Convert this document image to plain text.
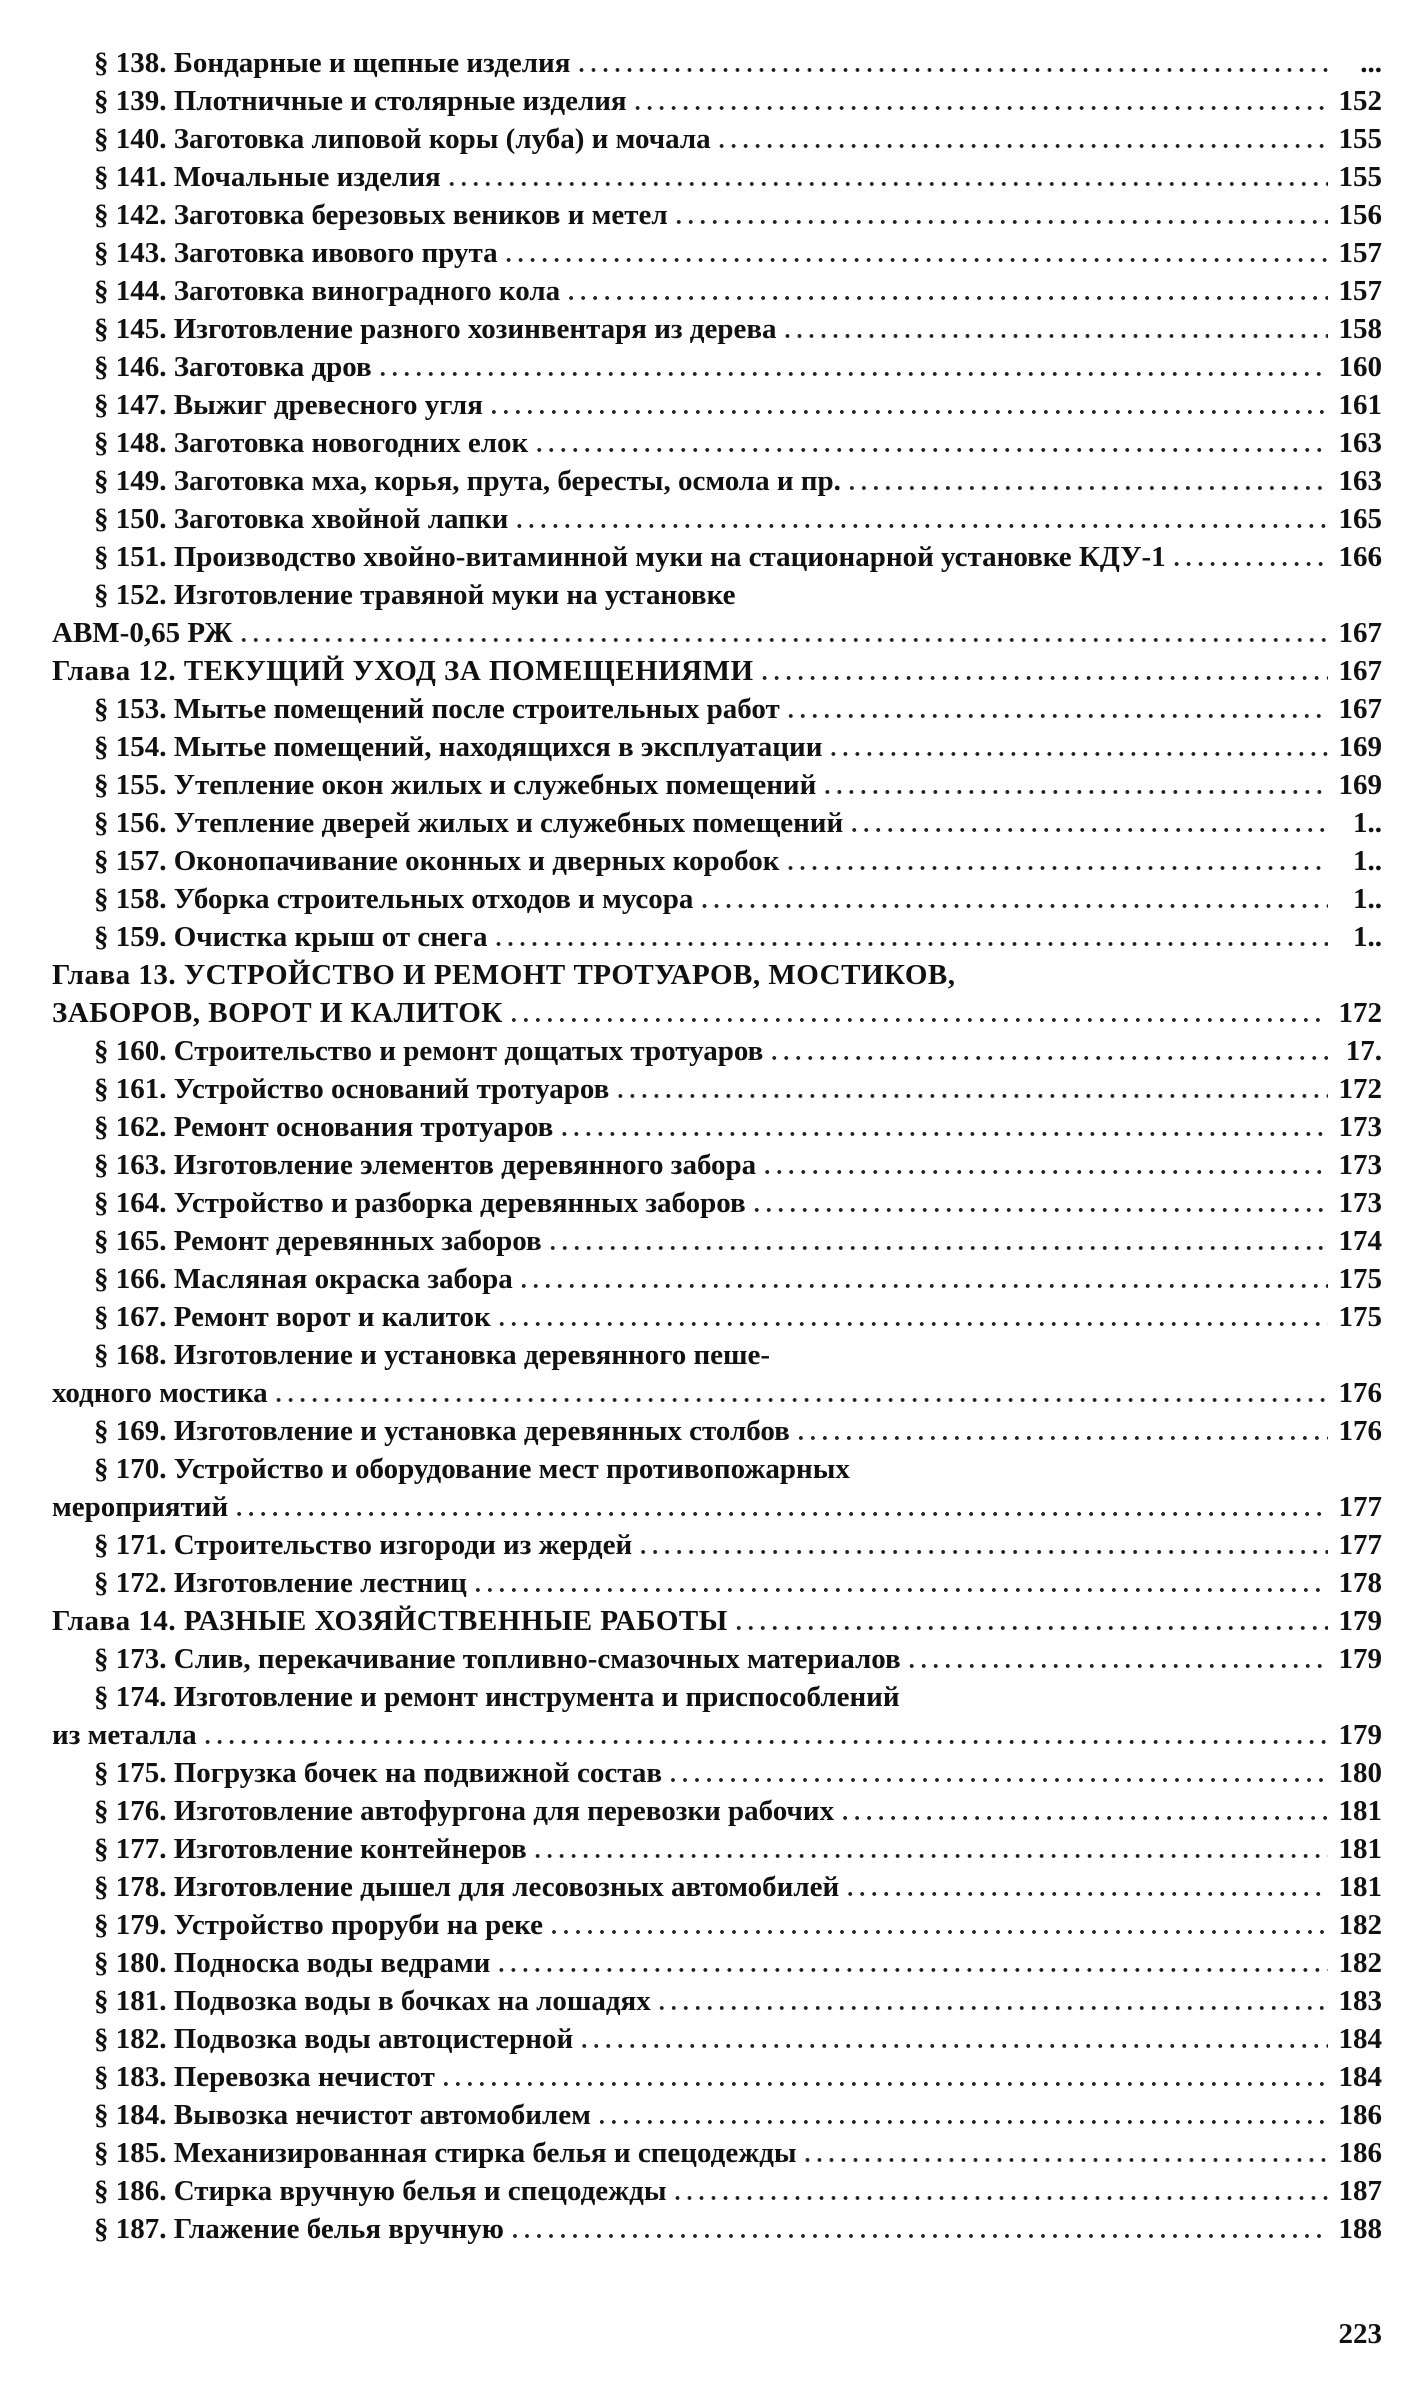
§ 138. Бондарные и щепные изделия .....	...
§ 139. Плотничные и столярные изделия .....	152
§ 140. Заготовка липовой коры (луба) и мочала .....	155
§ 141. Мочальные изделия .....	155
§ 142. Заготовка березовых веников и метел .....	156
§ 143. Заготовка ивового прута .....	157
§ 144. Заготовка виноградного кола .....	157
§ 145. Изготовление разного хозинвентаря из дерева .....	158
§ 146. Заготовка дров .....	160
§ 147. Выжиг древесного угля .....	161
§ 148. Заготовка новогодних елок .....	163
§ 149. Заготовка мха, корья, прута, бересты, осмола и пр. .....	163
§ 150. Заготовка хвойной лапки .....	165
§ 151. Производство хвойно-витаминной муки на стационарной установке КДУ-1 .....	166
§ 152. Изготовление травяной муки на установке
АВМ-0,65 РЖ .....	167
Глава 12. ТЕКУЩИЙ УХОД ЗА ПОМЕЩЕНИЯМИ .....	167
§ 153. Мытье помещений после строительных работ .....	167
§ 154. Мытье помещений, находящихся в эксплуатации .....	169
§ 155. Утепление окон жилых и служебных помещений .....	169
§ 156. Утепление дверей жилых и служебных помещений .....	1..
§ 157. Оконопачивание оконных и дверных коробок .....	1..
§ 158. Уборка строительных отходов и мусора .....	1..
§ 159. Очистка крыш от снега .....	1..
Глава 13. УСТРОЙСТВО И РЕМОНТ ТРОТУАРОВ, МОСТИКОВ,
ЗАБОРОВ, ВОРОТ И КАЛИТОК .....	172
§ 160. Строительство и ремонт дощатых тротуаров .....	17.
§ 161. Устройство оснований тротуаров .....	172
§ 162. Ремонт основания тротуаров .....	173
§ 163. Изготовление элементов деревянного забора .....	173
§ 164. Устройство и разборка деревянных заборов .....	173
§ 165. Ремонт деревянных заборов .....	174
§ 166. Масляная окраска забора .....	175
§ 167. Ремонт ворот и калиток .....	175
§ 168. Изготовление и установка деревянного пеше-
ходного мостика .....	176
§ 169. Изготовление и установка деревянных столбов .....	176
§ 170. Устройство и оборудование мест противопожарных
мероприятий .....	177
§ 171. Строительство изгороди из жердей .....	177
§ 172. Изготовление лестниц .....	178
Глава 14. РАЗНЫЕ ХОЗЯЙСТВЕННЫЕ РАБОТЫ .....	179
§ 173. Слив, перекачивание топливно-смазочных материалов .....	179
§ 174. Изготовление и ремонт инструмента и приспособлений
из металла .....	179
§ 175. Погрузка бочек на подвижной состав .....	180
§ 176. Изготовление автофургона для перевозки рабочих .....	181
§ 177. Изготовление контейнеров .....	181
§ 178. Изготовление дышел для лесовозных автомобилей .....	181
§ 179. Устройство проруби на реке .....	182
§ 180. Подноска воды ведрами .....	182
§ 181. Подвозка воды в бочках на лошадях .....	183
§ 182. Подвозка воды автоцистерной .....	184
§ 183. Перевозка нечистот .....	184
§ 184. Вывозка нечистот автомобилем .....	186
§ 185. Механизированная стирка белья и спецодежды .....	186
§ 186. Стирка вручную белья и спецодежды .....	187
§ 187. Глажение белья вручную .....	188
223
